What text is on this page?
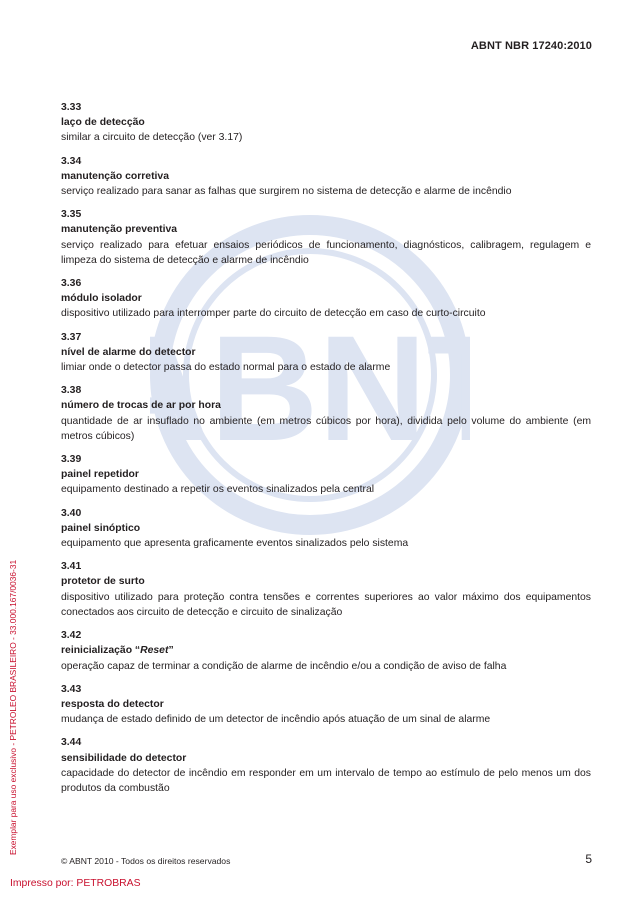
ABNT NBR 17240:2010
ABN
3.33
laço de detecção
similar a circuito de detecção (ver 3.17)
3.34
manutenção corretiva
serviço realizado para sanar as falhas que surgirem no sistema de detecção e alarme de incêndio
3.35
manutenção preventiva
serviço realizado para efetuar ensaios periódicos de funcionamento, diagnósticos, calibragem, regulagem e limpeza do sistema de detecção e alarme de incêndio
3.36
módulo isolador
dispositivo utilizado para interromper parte do circuito de detecção em caso de curto-circuito
3.37
nível de alarme do detector
limiar onde o detector passa do estado normal para o estado de alarme
3.38
número de trocas de ar por hora
quantidade de ar insuflado no ambiente (em metros cúbicos por hora), dividida pelo volume do ambiente (em metros cúbicos)
3.39
painel repetidor
equipamento destinado a repetir os eventos sinalizados pela central
3.40
painel sinóptico
equipamento que apresenta graficamente eventos sinalizados pelo sistema
3.41
protetor de surto
dispositivo utilizado para proteção contra tensões e correntes superiores ao valor máximo dos equipamentos conectados aos circuito de detecção e circuito de sinalização
3.42
reinicialização “Reset”
operação capaz de terminar a condição de alarme de incêndio e/ou a condição de aviso de falha
3.43
resposta do detector
mudança de estado definido de um detector de incêndio após atuação de um sinal de alarme
3.44
sensibilidade do detector
capacidade do detector de incêndio em responder em um intervalo de tempo ao estímulo de pelo menos um dos produtos da combustão
Exemplar para uso exclusivo - PETROLEO BRASILEIRO - 33.000.167/0036-31
© ABNT 2010 - Todos os direitos reservados	5
Impresso por: PETROBRAS
